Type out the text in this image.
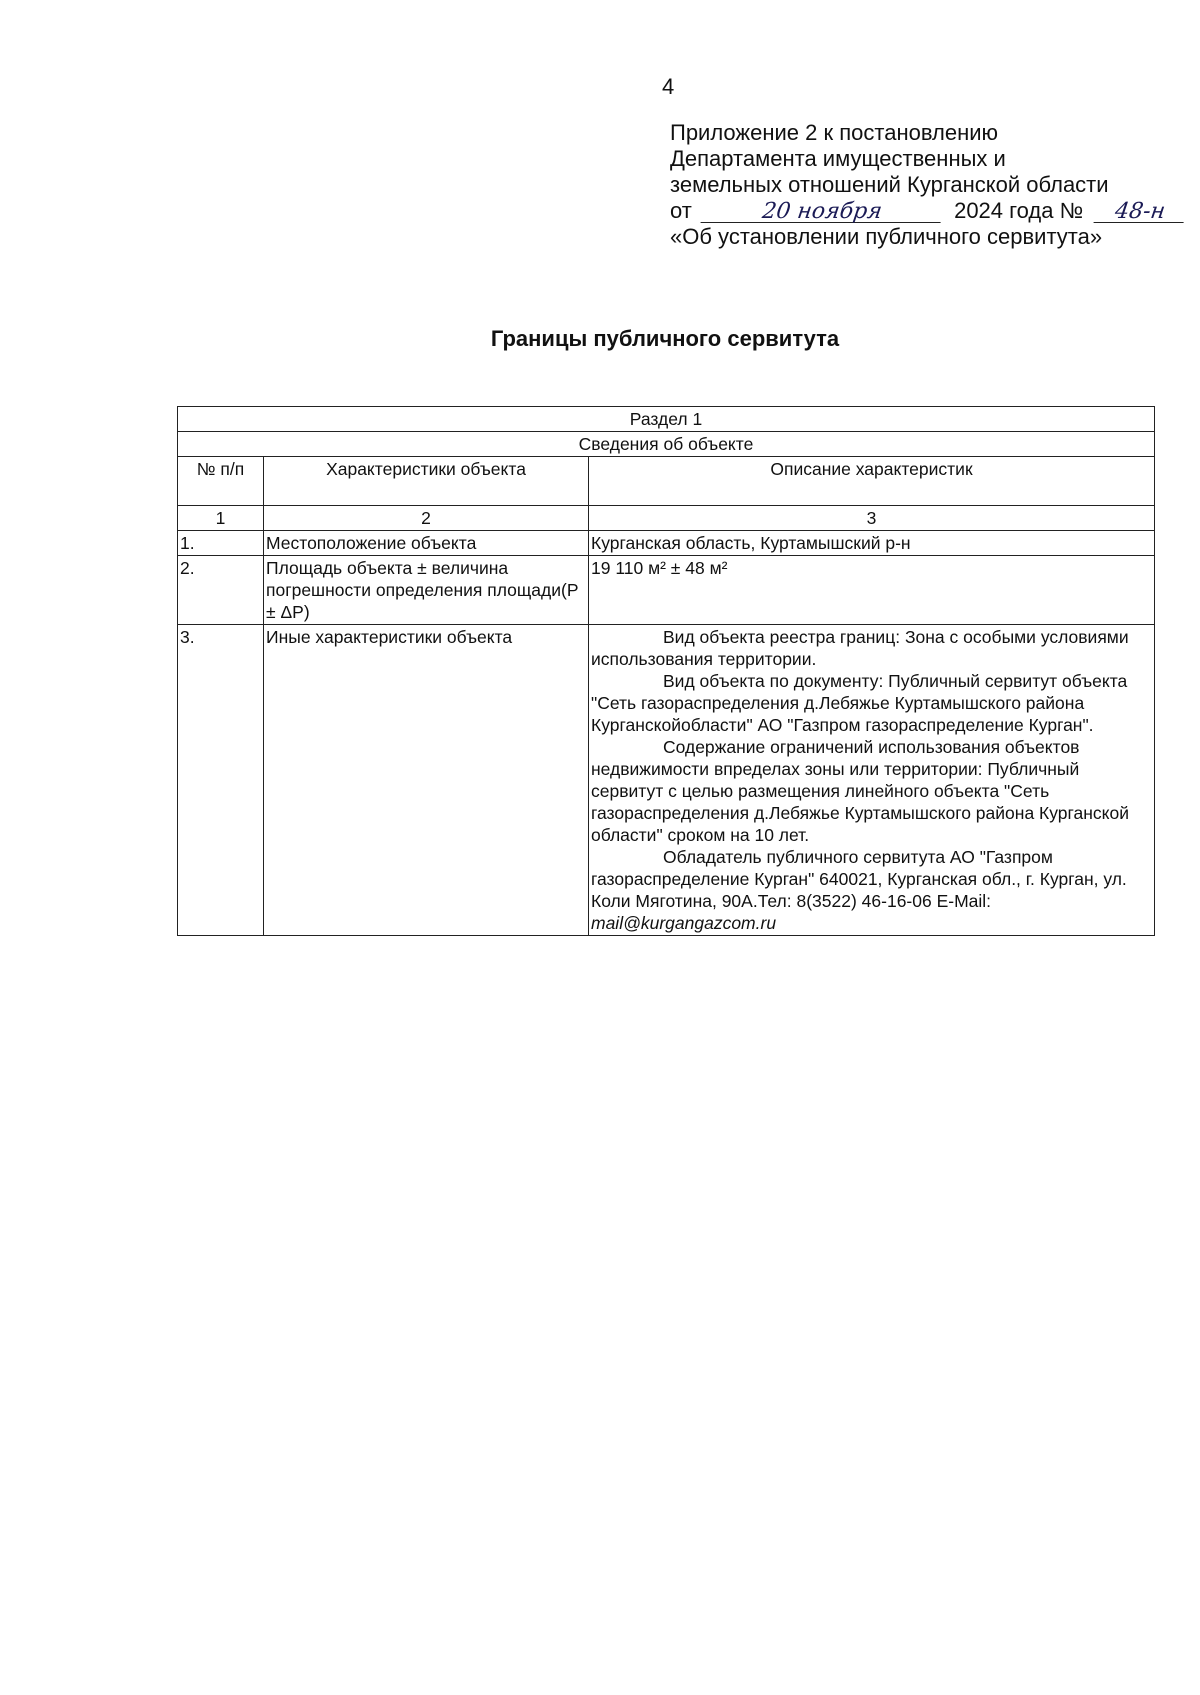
4
Приложение 2 к постановлению
Департамента имущественных и
земельных отношений Курганской области
от	20 ноября	2024 года № 48-н
«Об установлении публичного сервитута»
Границы публичного сервитута
Раздел 1		
Сведения об объекте		
№ п/п	Характеристики объекта	Описание характеристик
1	2	3
1.	Местоположение объекта	Курганская область, Куртамышский р-н
2.	Площадь объекта ± величина погрешности определения площади(P ± ΔP)	19 110 м² ± 48 м²
3.	Иные характеристики объекта	Вид объекта реестра границ: Зона с особыми условиями использования территории.
Вид объекта по документу: Публичный сервитут объекта "Сеть газораспределения д.Лебяжье Куртамышского района Курганскойобласти" АО "Газпром газораспределение Курган".
Содержание ограничений использования объектов недвижимости впределах зоны или территории: Публичный сервитут с целью размещения линейного объекта "Сеть газораспределения д.Лебяжье Куртамышского района Курганской области" сроком на 10 лет.
Обладатель публичного сервитута АО "Газпром газораспределение Курган" 640021, Курганская обл., г. Курган, ул. Коли Мяготина, 90А.Тел: 8(3522) 46-16-06 E-Mail: mail@kurgangazcom.ru
